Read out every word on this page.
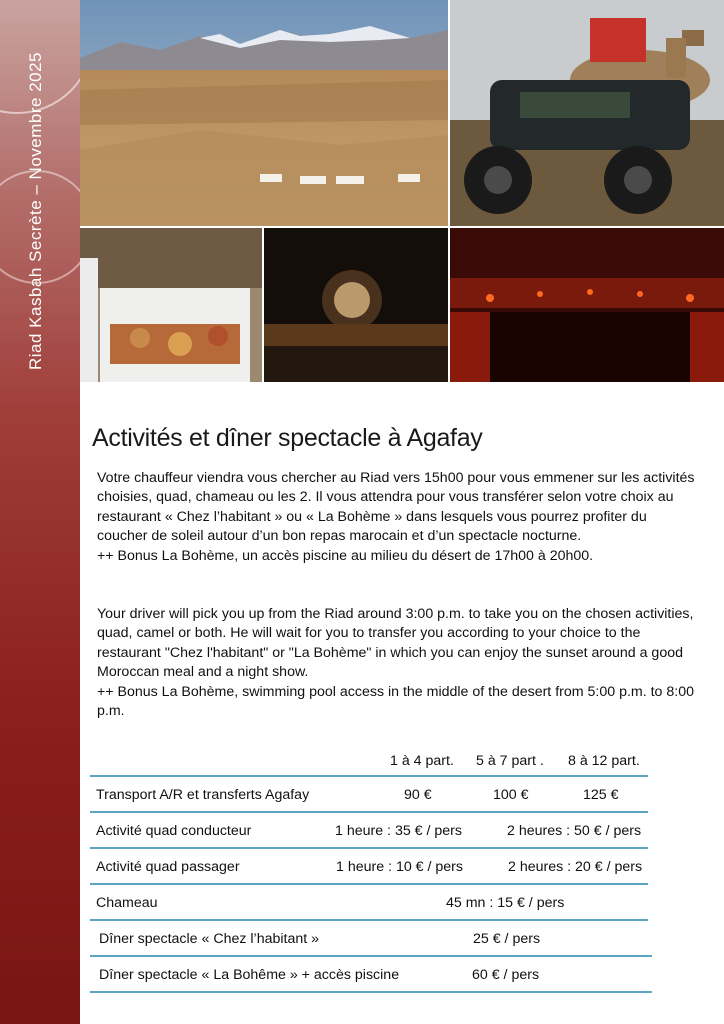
Riad Kasbah Secrète – Novembre 2025
Activités et dîner spectacle à Agafay

Votre chauffeur viendra vous chercher au Riad vers 15h00 pour vous emmener sur les activités

choisies, quad, chameau ou les 2. Il vous attendra pour vous transférer selon votre choix au

restaurant « Chez l’habitant » ou « La Bohème » dans lesquels vous pourrez profiter du

coucher de soleil autour d’un bon repas marocain et d’un spectacle nocturne.

++ Bonus La Bohème, un accès piscine au milieu du désert de 17h00 à 20h00.

Your driver will pick you up from the Riad around 3:00 p.m. to take you on the chosen activities,

quad, camel or both. He will wait for you to transfer you according to your choice to the

restaurant "Chez l'habitant" or "La Bohème" in which you can enjoy the sunset around a good

Moroccan meal and a night show.

++ Bonus La Bohème, swimming pool access in the middle of the desert from 5:00 p.m. to 8:00

p.m.

1 à 4 part. 5 à 7 part . 8 à 12 part.
Transport A/R et transferts Agafay	90 €	100 €	125 €
Activité quad conducteur	1 heure : 35 € / pers	2 heures : 50 € / pers
Activité quad passager	1 heure : 10 € / pers	2 heures : 20 € / pers
Chameau	45 mn : 15 € / pers
Dîner spectacle « Chez l’habitant »	25 € / pers
Dîner spectacle « La Bohême » + accès piscine	60 € / pers
